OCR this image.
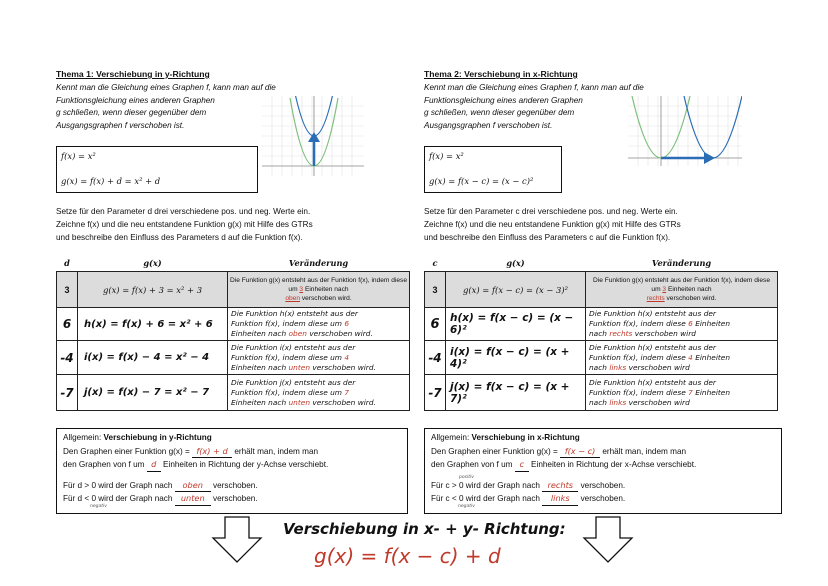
Thema 1: Verschiebung in y-Richtung
Kennt man die Gleichung eines Graphen f, kann man auf die
Funktionsgleichung eines anderen Graphen
g schließen, wenn dieser gegenüber dem
Ausgangsgraphen f verschoben ist.
f(x) = x²
g(x) = f(x) + d = x² + d
Setze für den Parameter d drei verschiedene pos. und neg. Werte ein.
Zeichne f(x) und die neu entstandene Funktion g(x) mit Hilfe des GTRs
und beschreibe den Einfluss des Parameters d auf die Funktion f(x).
d	g(x)	Veränderung
3	g(x) = f(x) + 3 = x² + 3	Die Funktion g(x) entsteht aus der Funktion f(x), indem diese um 3 Einheiten nach
oben verschoben wird.
6	h(x) = f(x) + 6 = x² + 6	Die Funktion h(x) entsteht aus der
Funktion f(x), indem diese um 6
Einheiten nach oben verschoben wird.

-4	i(x) = f(x) − 4 = x² − 4	Die Funktion i(x) entsteht aus der
Funktion f(x), indem diese um 4
Einheiten nach unten verschoben wird.

-7	j(x) = f(x) − 7 = x² − 7	Die Funktion j(x) entsteht aus der
Funktion f(x), indem diese um 7
Einheiten nach unten verschoben wird.
Allgemein: Verschiebung in y-Richtung
Den Graphen einer Funktion g(x) = f(x) + d erhält man, indem man
den Graphen von f um d Einheiten in Richtung der y-Achse verschiebt.
Für d > 0 wird der Graph nach oben verschoben.
Für d < 0 wird der Graph nach unten verschoben.
negativ
Thema 2: Verschiebung in x-Richtung
Kennt man die Gleichung eines Graphen f, kann man auf die
Funktionsgleichung eines anderen Graphen
g schließen, wenn dieser gegenüber dem
Ausgangsgraphen f verschoben ist.
f(x) = x²
g(x) = f(x − c) = (x − c)²
Setze für den Parameter c drei verschiedene pos. und neg. Werte ein.
Zeichne f(x) und die neu entstandene Funktion g(x) mit Hilfe des GTRs
und beschreibe den Einfluss des Parameters c auf die Funktion f(x).
c	g(x)	Veränderung
3	g(x) = f(x − c) = (x − 3)²	Die Funktion g(x) entsteht aus der Funktion f(x), indem diese um 3 Einheiten nach
rechts verschoben wird.
6	h(x) = f(x − c) = (x − 6)²	Die Funktion h(x) entsteht aus der
Funktion f(x), indem diese 6 Einheiten
nach rechts verschoben wird

-4	i(x) = f(x − c) = (x + 4)²	Die Funktion h(x) entsteht aus der
Funktion f(x), indem diese 4 Einheiten
nach links verschoben wird

-7	j(x) = f(x − c) = (x + 7)²	Die Funktion h(x) entsteht aus der
Funktion f(x), indem diese 7 Einheiten
nach links verschoben wird
Allgemein: Verschiebung in x-Richtung
Den Graphen einer Funktion g(x) = f(x − c) erhält man, indem man
den Graphen von f um c Einheiten in Richtung der x-Achse verschiebt.
Für c > 0 wird der Graph nach rechts verschoben.
positiv
Für c < 0 wird der Graph nach links verschoben.
negativ
Verschiebung in x- + y- Richtung:
g(x) = f(x − c) + d
